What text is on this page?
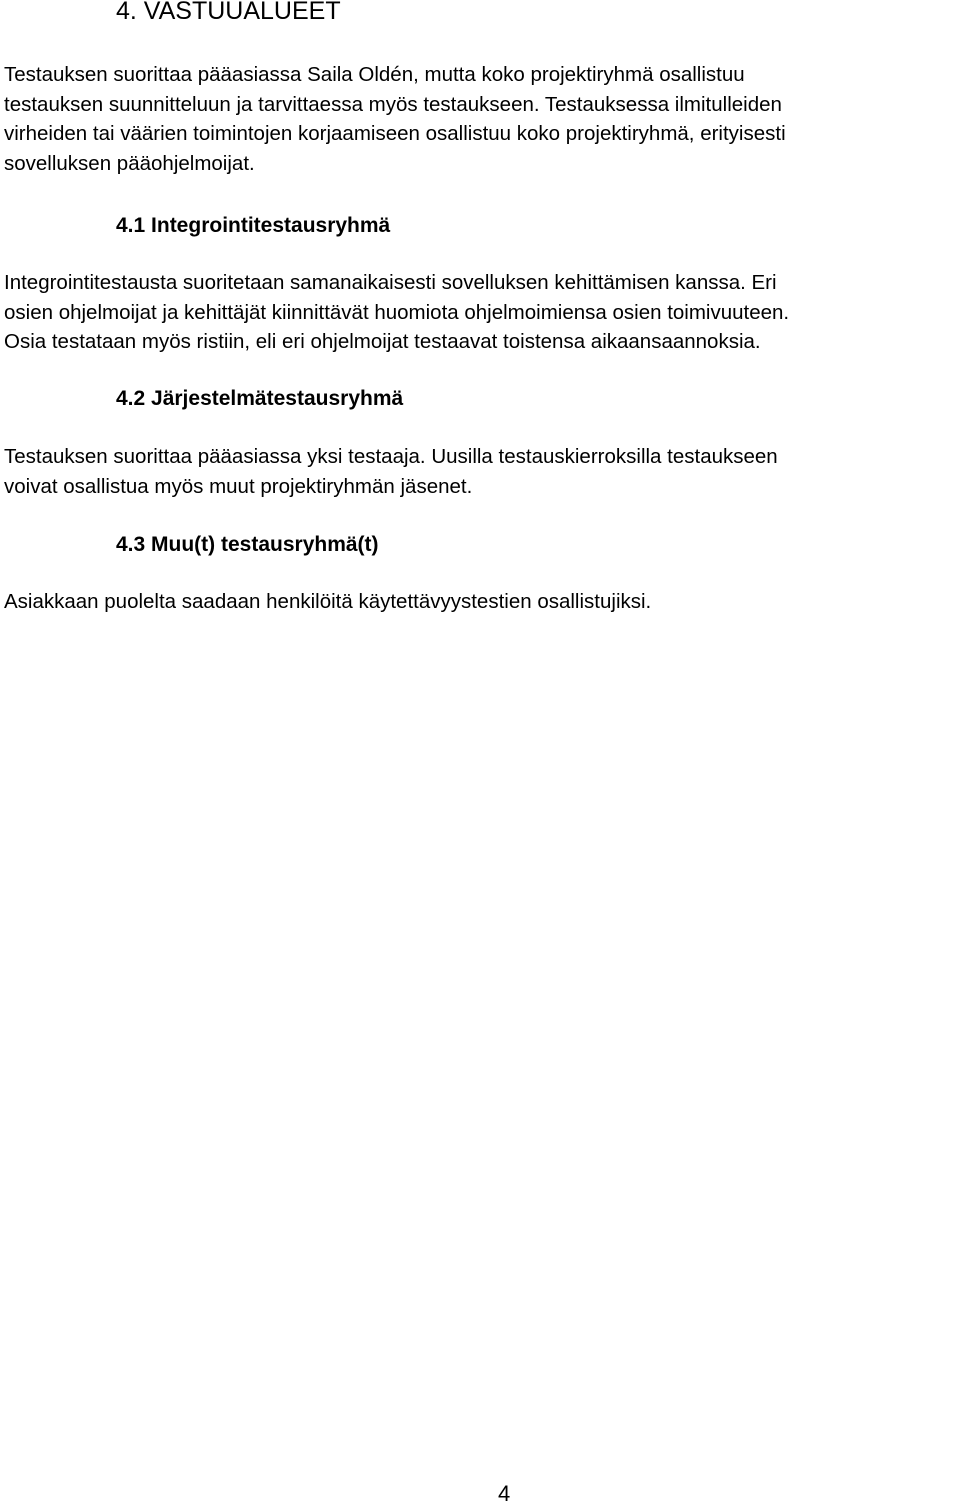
4. VASTUUALUEET

Testauksen suorittaa pääasiassa Saila Oldén, mutta koko projektiryhmä osallistuu
testauksen suunnitteluun ja tarvittaessa myös testaukseen. Testauksessa ilmitulleiden
virheiden tai väärien toimintojen korjaamiseen osallistuu koko projektiryhmä, erityisesti
sovelluksen pääohjelmoijat.

4.1 Integrointitestausryhmä

Integrointitestausta suoritetaan samanaikaisesti sovelluksen kehittämisen kanssa. Eri
osien ohjelmoijat ja kehittäjät kiinnittävät huomiota ohjelmoimiensa osien toimivuuteen.
Osia testataan myös ristiin, eli eri ohjelmoijat testaavat toistensa aikaansaannoksia.

4.2 Järjestelmätestausryhmä

Testauksen suorittaa pääasiassa yksi testaaja. Uusilla testauskierroksilla testaukseen
voivat osallistua myös muut projektiryhmän jäsenet.

4.3 Muu(t) testausryhmä(t)

Asiakkaan puolelta saadaan henkilöitä käytettävyystestien osallistujiksi.

4
